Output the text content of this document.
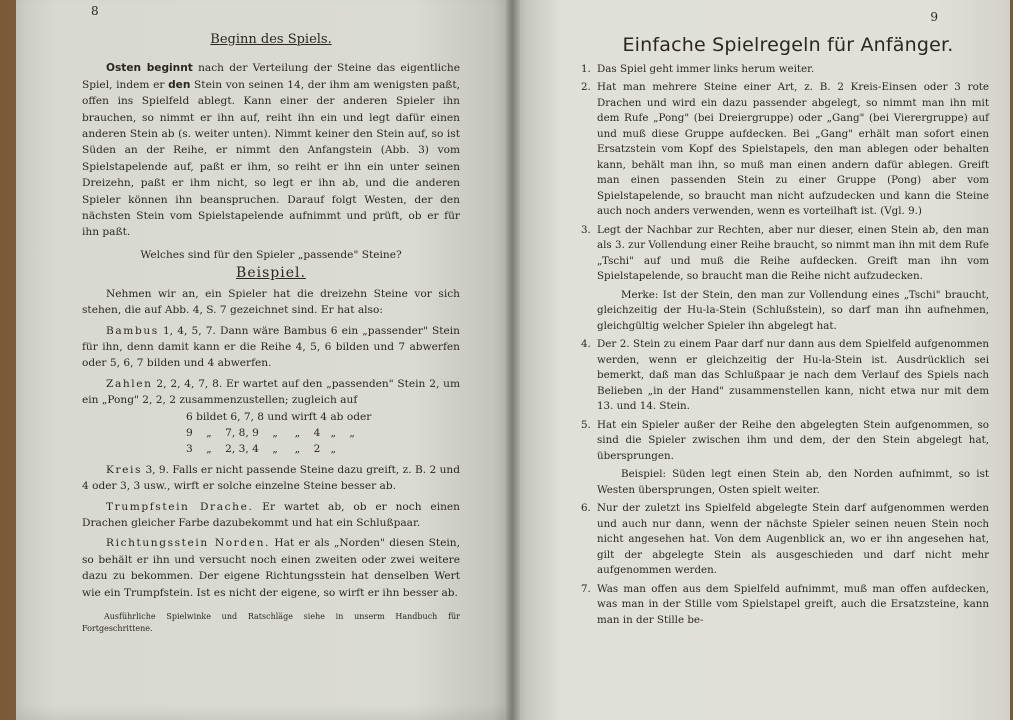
8
Beginn des Spiels.

Osten beginnt nach der Verteilung der Steine das eigentliche Spiel, indem er den Stein von seinen 14, der ihm am wenigsten paßt, offen ins Spielfeld ablegt. Kann einer der anderen Spieler ihn brauchen, so nimmt er ihn auf, reiht ihn ein und legt dafür einen anderen Stein ab (s. weiter unten). Nimmt keiner den Stein auf, so ist Süden an der Reihe, er nimmt den Anfangstein (Abb. 3) vom Spielstapelende auf, paßt er ihm, so reiht er ihn ein unter seinen Dreizehn, paßt er ihm nicht, so legt er ihn ab, und die anderen Spieler können ihn beanspruchen. Darauf folgt Westen, der den nächsten Stein vom Spielstapelende aufnimmt und prüft, ob er für ihn paßt.

Welches sind für den Spieler „passende" Steine?

Beispiel.

Nehmen wir an, ein Spieler hat die dreizehn Steine vor sich stehen, die auf Abb. 4, S. 7 gezeichnet sind. Er hat also:

Bambus 1, 4, 5, 7. Dann wäre Bambus 6 ein „passender" Stein für ihn, denn damit kann er die Reihe 4, 5, 6 bilden und 7 abwerfen oder 5, 6, 7 bilden und 4 abwerfen.

Zahlen 2, 2, 4, 7, 8. Er wartet auf den „passenden" Stein 2, um ein „Pong" 2, 2, 2 zusammenzustellen; zugleich auf

6 bildet 6, 7, 8 und wirft 4 ab oder
9    „    7, 8, 9    „     „    4   „    „
3    „    2, 3, 4    „     „    2   „

Kreis 3, 9. Falls er nicht passende Steine dazu greift, z. B. 2 und 4 oder 3, 3 usw., wirft er solche einzelne Steine besser ab.

Trumpfstein Drache. Er wartet ab, ob er noch einen Drachen gleicher Farbe dazubekommt und hat ein Schlußpaar.

Richtungsstein Norden. Hat er als „Norden" diesen Stein, so behält er ihn und versucht noch einen zweiten oder zwei weitere dazu zu bekommen. Der eigene Richtungsstein hat denselben Wert wie ein Trumpfstein. Ist es nicht der eigene, so wirft er ihn besser ab.

Ausführliche Spielwinke und Ratschläge siehe in unserm Handbuch für Fortgeschrittene.

9
Einfache Spielregeln für Anfänger.
1. Das Spiel geht immer links herum weiter.
2. Hat man mehrere Steine einer Art, z. B. 2 Kreis-Einsen oder 3 rote Drachen und wird ein dazu passender abgelegt, so nimmt man ihn mit dem Rufe „Pong" (bei Dreiergruppe) oder „Gang" (bei Vierergruppe) auf und muß diese Gruppe aufdecken. Bei „Gang" erhält man sofort einen Ersatzstein vom Kopf des Spielstapels, den man ablegen oder behalten kann, behält man ihn, so muß man einen andern dafür ablegen. Greift man einen passenden Stein zu einer Gruppe (Pong) aber vom Spielstapelende, so braucht man nicht aufzudecken und kann die Steine auch noch anders verwenden, wenn es vorteilhaft ist. (Vgl. 9.)
3. Legt der Nachbar zur Rechten, aber nur dieser, einen Stein ab, den man als 3. zur Vollendung einer Reihe braucht, so nimmt man ihn mit dem Rufe „Tschi" auf und muß die Reihe aufdecken. Greift man ihn vom Spielstapelende, so braucht man die Reihe nicht aufzudecken.
Merke: Ist der Stein, den man zur Vollendung eines „Tschi" braucht, gleichzeitig der Hu-la-Stein (Schlußstein), so darf man ihn aufnehmen, gleichgültig welcher Spieler ihn abgelegt hat.
4. Der 2. Stein zu einem Paar darf nur dann aus dem Spielfeld aufgenommen werden, wenn er gleichzeitig der Hu-la-Stein ist. Ausdrücklich sei bemerkt, daß man das Schlußpaar je nach dem Verlauf des Spiels nach Belieben „in der Hand" zusammenstellen kann, nicht etwa nur mit dem 13. und 14. Stein.
5. Hat ein Spieler außer der Reihe den abgelegten Stein aufgenommen, so sind die Spieler zwischen ihm und dem, der den Stein abgelegt hat, übersprungen.
Beispiel: Süden legt einen Stein ab, den Norden aufnimmt, so ist Westen übersprungen, Osten spielt weiter.
6. Nur der zuletzt ins Spielfeld abgelegte Stein darf aufgenommen werden und auch nur dann, wenn der nächste Spieler seinen neuen Stein noch nicht angesehen hat. Von dem Augenblick an, wo er ihn angesehen hat, gilt der abgelegte Stein als ausgeschieden und darf nicht mehr aufgenommen werden.
7. Was man offen aus dem Spielfeld aufnimmt, muß man offen aufdecken, was man in der Stille vom Spielstapel greift, auch die Ersatzsteine, kann man in der Stille be-
